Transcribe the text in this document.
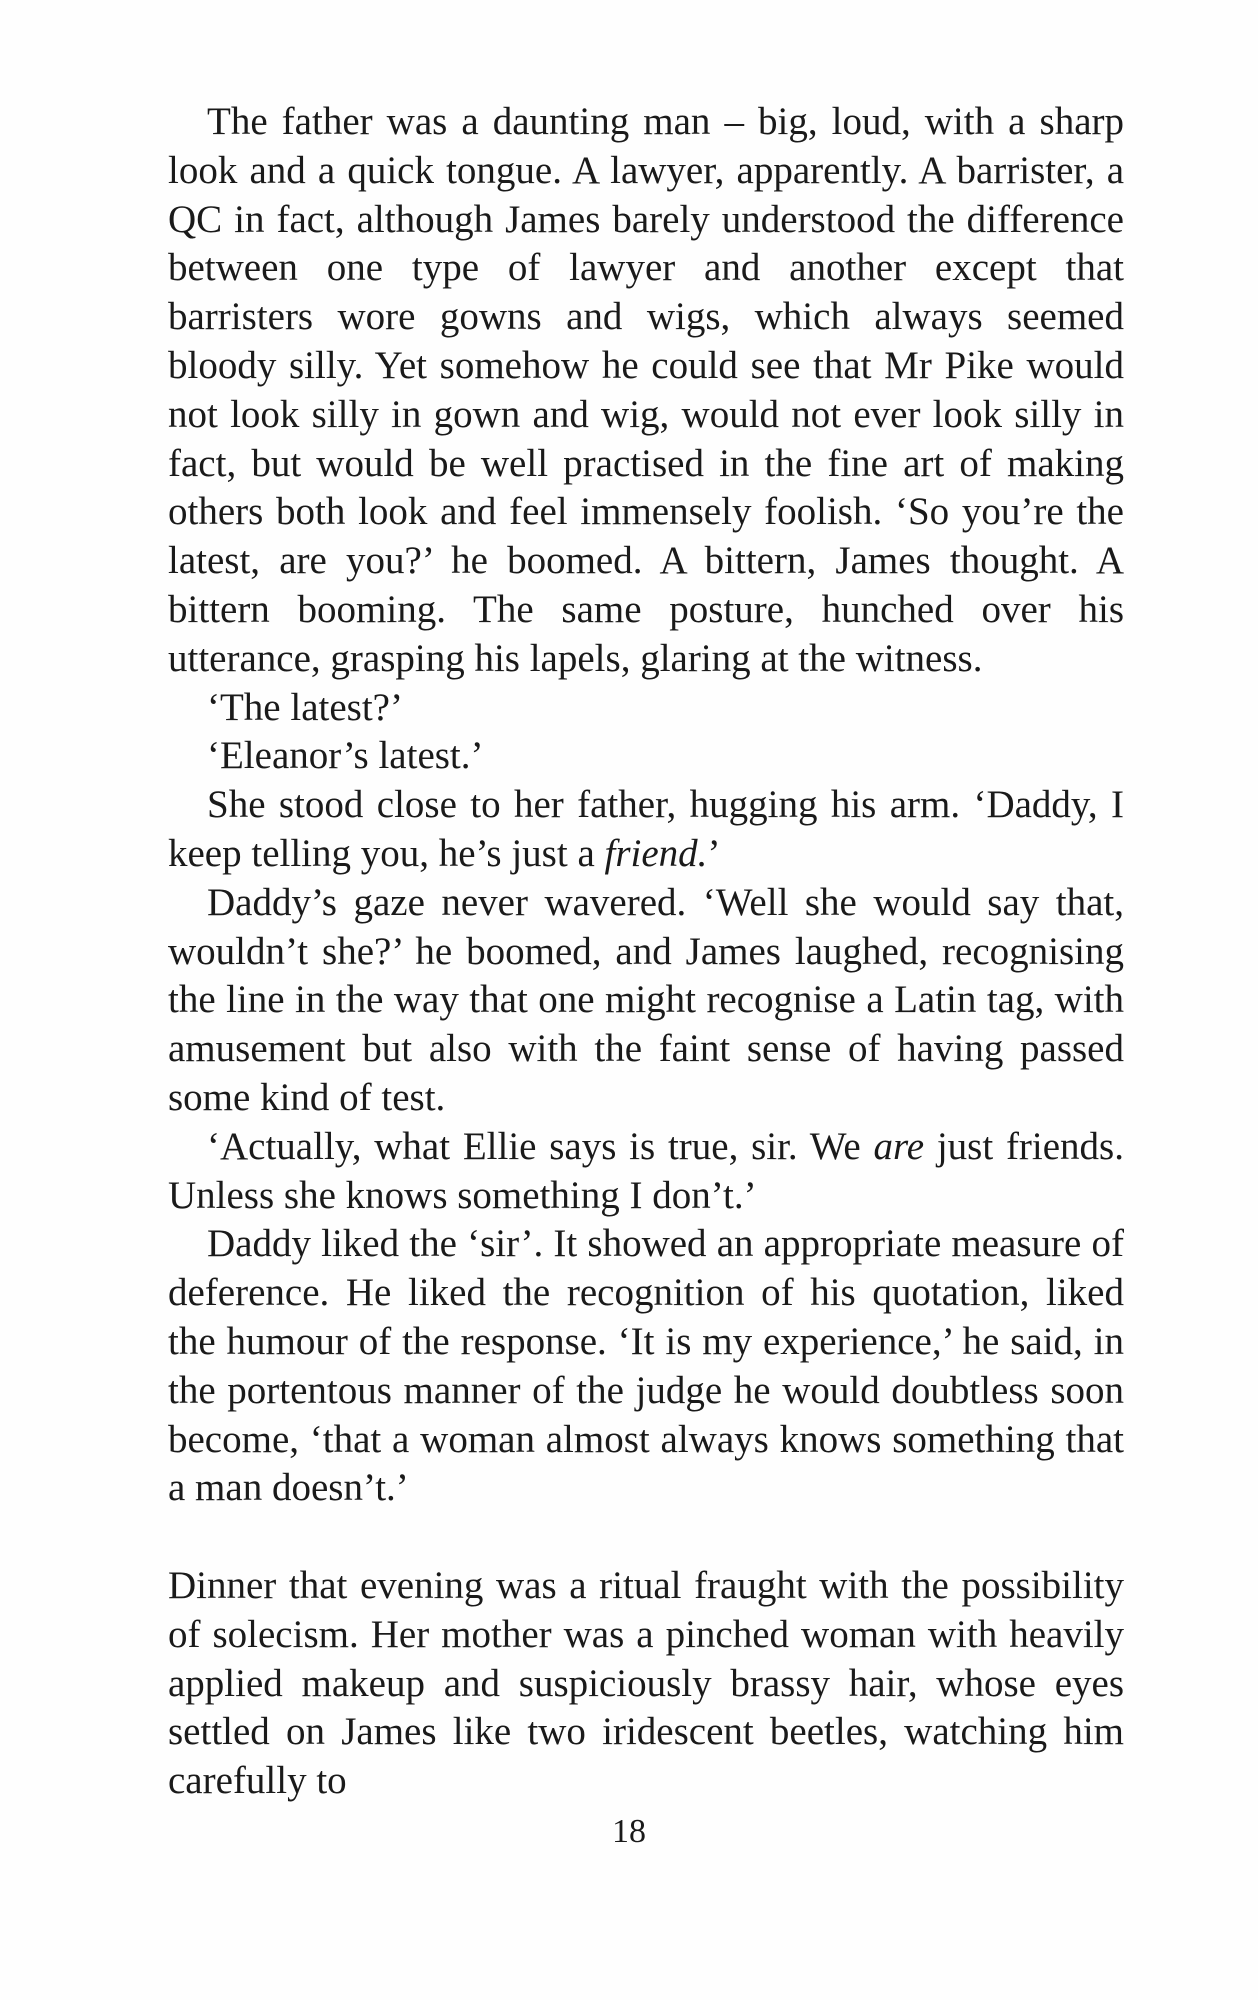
The father was a daunting man – big, loud, with a sharp look and a quick tongue. A lawyer, apparently. A barrister, a QC in fact, although James barely understood the difference between one type of lawyer and another except that barristers wore gowns and wigs, which always seemed bloody silly. Yet somehow he could see that Mr Pike would not look silly in gown and wig, would not ever look silly in fact, but would be well practised in the fine art of making others both look and feel immensely foolish. ‘So you’re the latest, are you?’ he boomed. A bittern, James thought. A bittern booming. The same posture, hunched over his utterance, grasping his lapels, glaring at the witness.

‘The latest?’

‘Eleanor’s latest.’

She stood close to her father, hugging his arm. ‘Daddy, I keep telling you, he’s just a friend.’

Daddy’s gaze never wavered. ‘Well she would say that, wouldn’t she?’ he boomed, and James laughed, recognising the line in the way that one might recognise a Latin tag, with amusement but also with the faint sense of having passed some kind of test.

‘Actually, what Ellie says is true, sir. We are just friends. Unless she knows something I don’t.’

Daddy liked the ‘sir’. It showed an appropriate measure of deference. He liked the recognition of his quotation, liked the humour of the response. ‘It is my experience,’ he said, in the portentous manner of the judge he would doubtless soon become, ‘that a woman almost always knows something that a man doesn’t.’

Dinner that evening was a ritual fraught with the possibility of solecism. Her mother was a pinched woman with heavily applied makeup and suspiciously brassy hair, whose eyes settled on James like two iridescent beetles, watching him carefully to

18
